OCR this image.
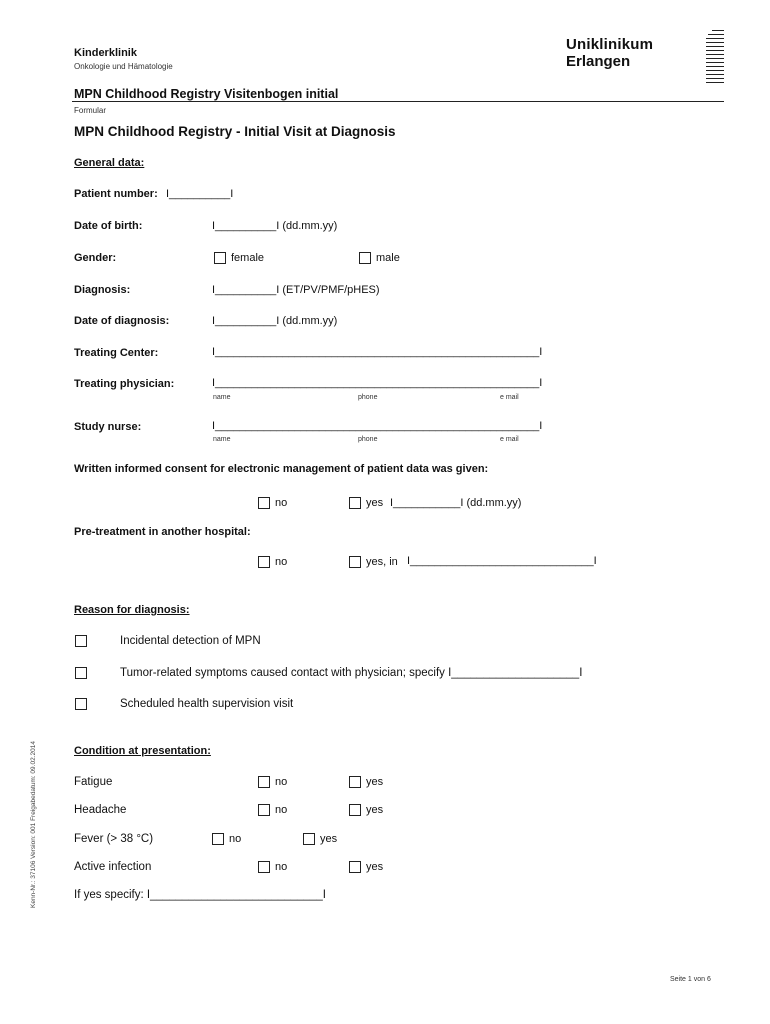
Kinderklinik
Onkologie und Hämatologie
Uniklinikum
Erlangen
MPN Childhood Registry Visitenbogen initial
Formular
MPN Childhood Registry - Initial Visit at Diagnosis
General data:
Patient number: I__________I
Date of birth:	I__________I (dd.mm.yy)
Gender:	female	male
Diagnosis:	I__________I (ET/PV/PMF/pHES)
Date of diagnosis:	I__________I (dd.mm.yy)
Treating Center:	I_____________________________________________________I
Treating physician:	I_____________________________________________________I
name	phone	e mail
Study nurse:	I_____________________________________________________I
name	phone	e mail
Written informed consent for electronic management of patient data was given:
no	yes I___________I (dd.mm.yy)
Pre-treatment in another hospital:
no	yes, in I______________________________I
Reason for diagnosis:
Incidental detection of MPN
Tumor-related symptoms caused contact with physician; specify I____________________I
Scheduled health supervision visit
Condition at presentation:
Fatigue	no	yes
Headache	no	yes
Fever (> 38 °C)	no	yes
Active infection	no	yes
If yes specify: I___________________________I
Kenn-Nr.: 37106 Version: 001 Freigabedatum: 09.02.2014
Seite 1 von 6
